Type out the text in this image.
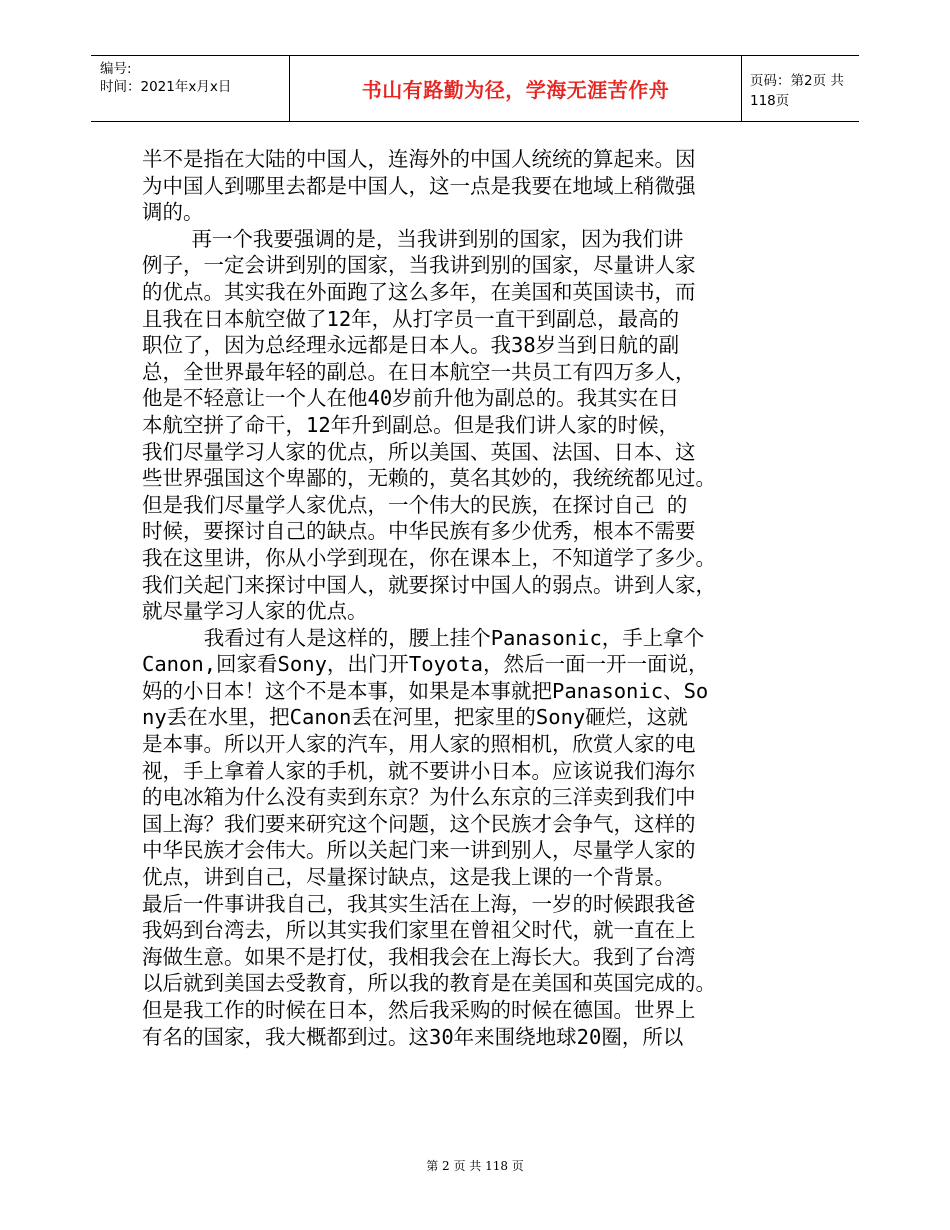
编号:
时间：2021年x月x日	书山有路勤为径，学海无涯苦作舟	页码：第2页 共118页
半不是指在大陆的中国人，连海外的中国人统统的算起来。因
为中国人到哪里去都是中国人，这一点是我要在地域上稍微强
调的。
再一个我要强调的是，当我讲到别的国家，因为我们讲
例子，一定会讲到别的国家，当我讲到别的国家，尽量讲人家
的优点。其实我在外面跑了这么多年，在美国和英国读书，而
且我在日本航空做了12年，从打字员一直干到副总，最高的
职位了，因为总经理永远都是日本人。我38岁当到日航的副
总，全世界最年轻的副总。在日本航空一共员工有四万多人，
他是不轻意让一个人在他40岁前升他为副总的。我其实在日
本航空拼了命干，12年升到副总。但是我们讲人家的时候，
我们尽量学习人家的优点，所以美国、英国、法国、日本、这
些世界强国这个卑鄙的，无赖的，莫名其妙的，我统统都见过。
但是我们尽量学人家优点，一个伟大的民族，在探讨自己 的
时候，要探讨自己的缺点。中华民族有多少优秀，根本不需要
我在这里讲，你从小学到现在，你在课本上，不知道学了多少。
我们关起门来探讨中国人，就要探讨中国人的弱点。讲到人家，
就尽量学习人家的优点。
我看过有人是这样的，腰上挂个Panasonic，手上拿个
Canon,回家看Sony，出门开Toyota，然后一面一开一面说，
妈的小日本！这个不是本事，如果是本事就把Panasonic、So
ny丢在水里，把Canon丢在河里，把家里的Sony砸烂，这就
是本事。所以开人家的汽车，用人家的照相机，欣赏人家的电
视，手上拿着人家的手机，就不要讲小日本。应该说我们海尔
的电冰箱为什么没有卖到东京？为什么东京的三洋卖到我们中
国上海？我们要来研究这个问题，这个民族才会争气，这样的
中华民族才会伟大。所以关起门来一讲到别人，尽量学人家的
优点，讲到自己，尽量探讨缺点，这是我上课的一个背景。
最后一件事讲我自己，我其实生活在上海，一岁的时候跟我爸
我妈到台湾去，所以其实我们家里在曾祖父时代，就一直在上
海做生意。如果不是打仗，我相我会在上海长大。我到了台湾
以后就到美国去受教育，所以我的教育是在美国和英国完成的。
但是我工作的时候在日本，然后我采购的时候在德国。世界上
有名的国家，我大概都到过。这30年来围绕地球20圈，所以
第 2 页 共 118 页
